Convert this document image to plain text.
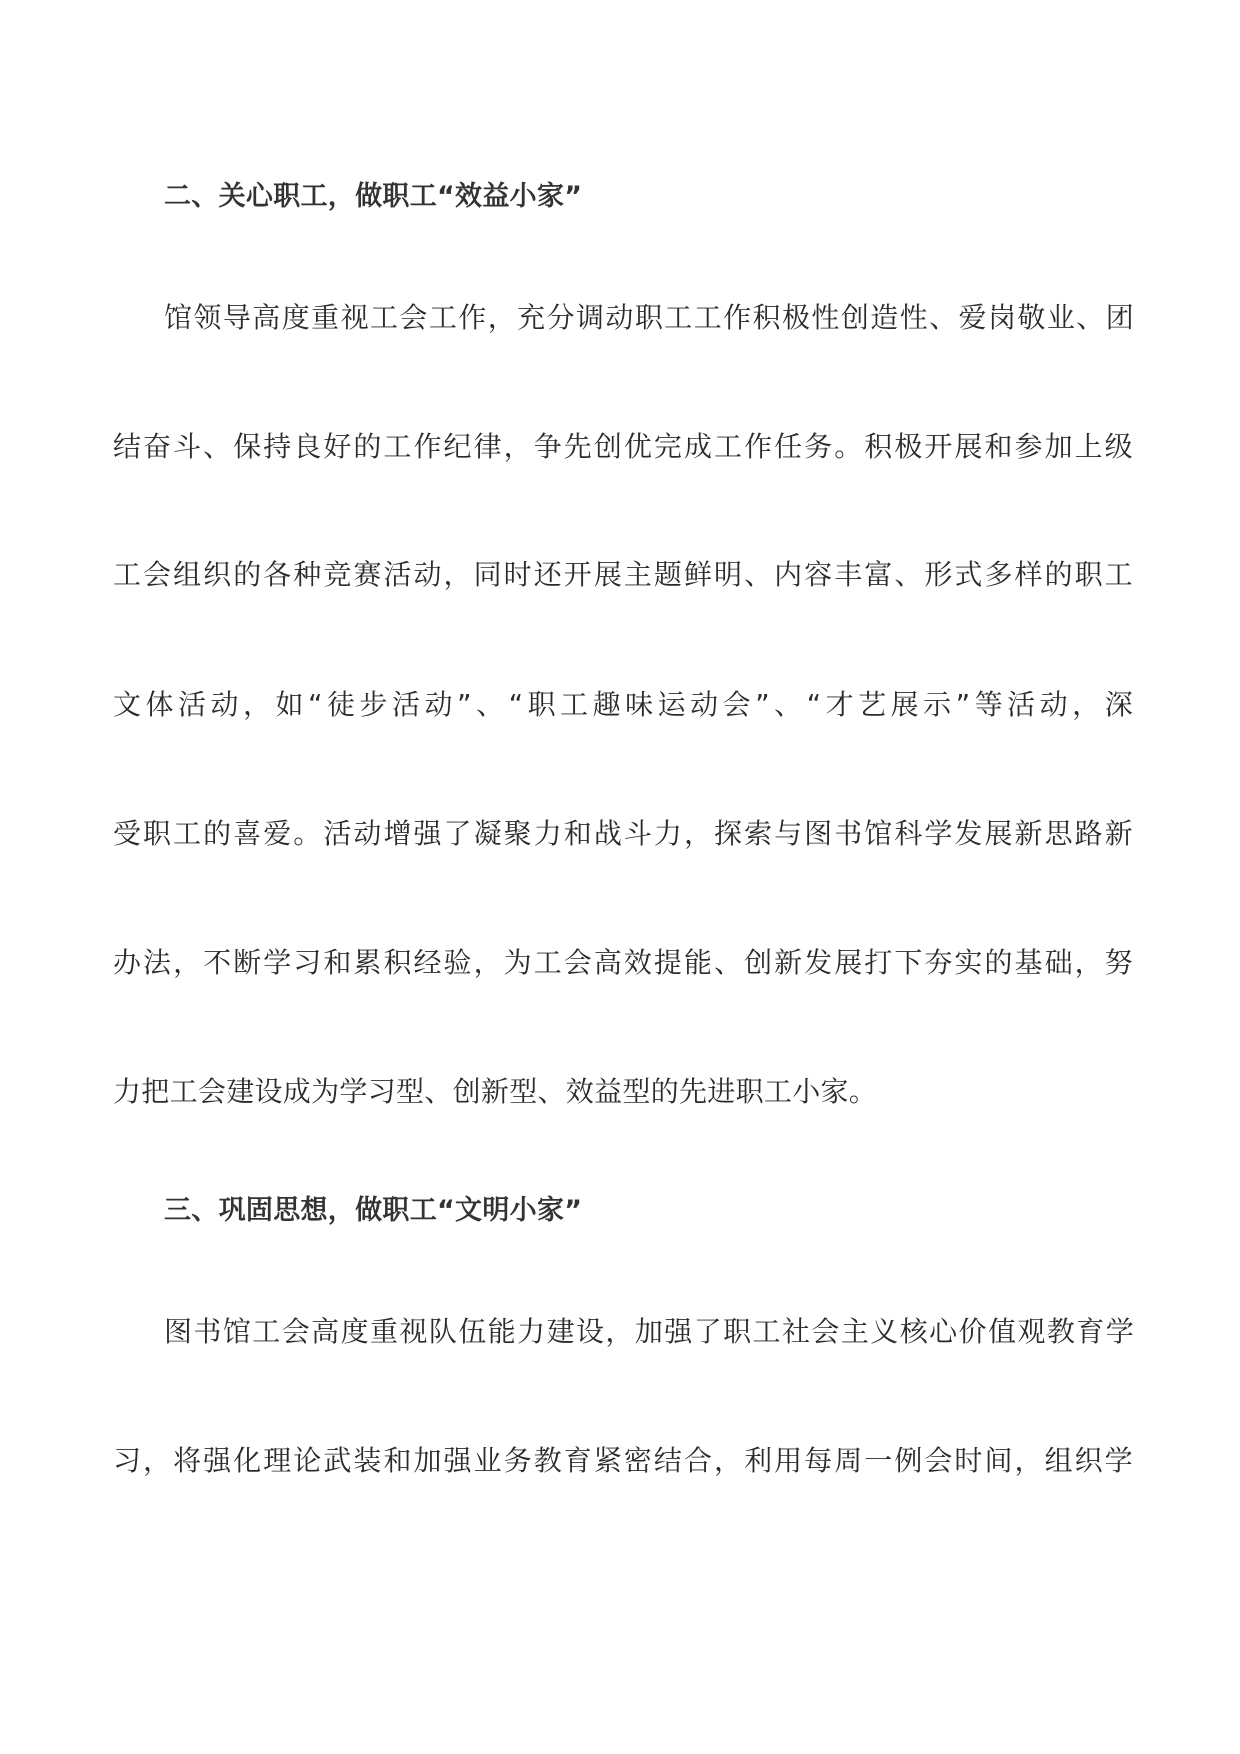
二、关心职工，做职工“效益小家”
馆领导高度重视工会工作，充分调动职工工作积极性创造性、爱岗敬业、团
结奋斗、保持良好的工作纪律，争先创优完成工作任务。积极开展和参加上级
工会组织的各种竞赛活动，同时还开展主题鲜明、内容丰富、形式多样的职工
文体活动，如“徒步活动”、“职工趣味运动会”、“才艺展示”等活动，深
受职工的喜爱。活动增强了凝聚力和战斗力，探索与图书馆科学发展新思路新
办法，不断学习和累积经验，为工会高效提能、创新发展打下夯实的基础，努
力把工会建设成为学习型、创新型、效益型的先进职工小家。
三、巩固思想，做职工“文明小家”
图书馆工会高度重视队伍能力建设，加强了职工社会主义核心价值观教育学
习，将强化理论武装和加强业务教育紧密结合，利用每周一例会时间，组织学
